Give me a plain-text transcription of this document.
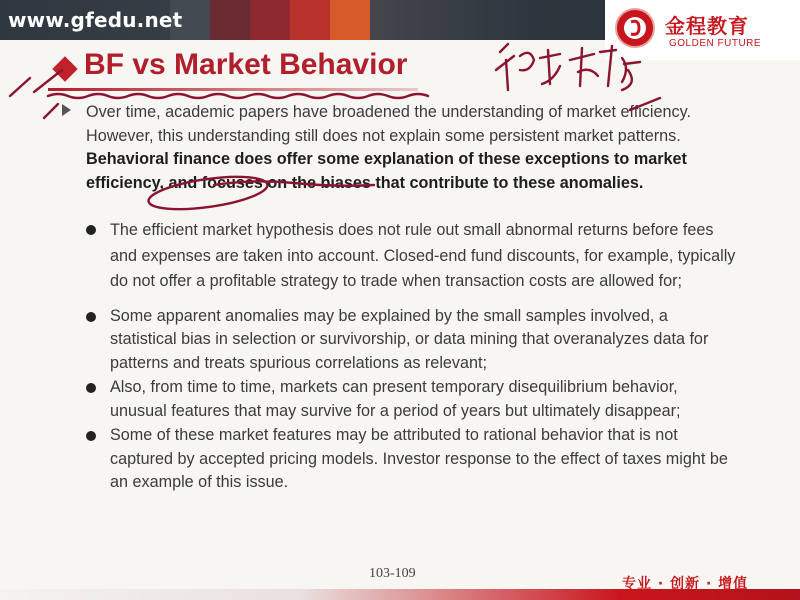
www.gfedu.net	金程教育
GOLDEN FUTURE
BF vs Market Behavior

Over time, academic papers have broadened the understanding of market efficiency. However, this understanding still does not explain some persistent market patterns. Behavioral finance does offer some explanation of these exceptions to market efficiency, and focuses on the biases that contribute to these anomalies.

The efficient market hypothesis does not rule out small abnormal returns before fees and expenses are taken into account. Closed-end fund discounts, for example, typically do not offer a profitable strategy to trade when transaction costs are allowed for;
Some apparent anomalies may be explained by the small samples involved, a statistical bias in selection or survivorship, or data mining that overanalyzes data for patterns and treats spurious correlations as relevant;
Also, from time to time, markets can present temporary disequilibrium behavior, unusual features that may survive for a period of years but ultimately disappear;
Some of these market features may be attributed to rational behavior that is not captured by accepted pricing models. Investor response to the effect of taxes might be an example of this issue.
103-109
专业 · 创新 · 增值
